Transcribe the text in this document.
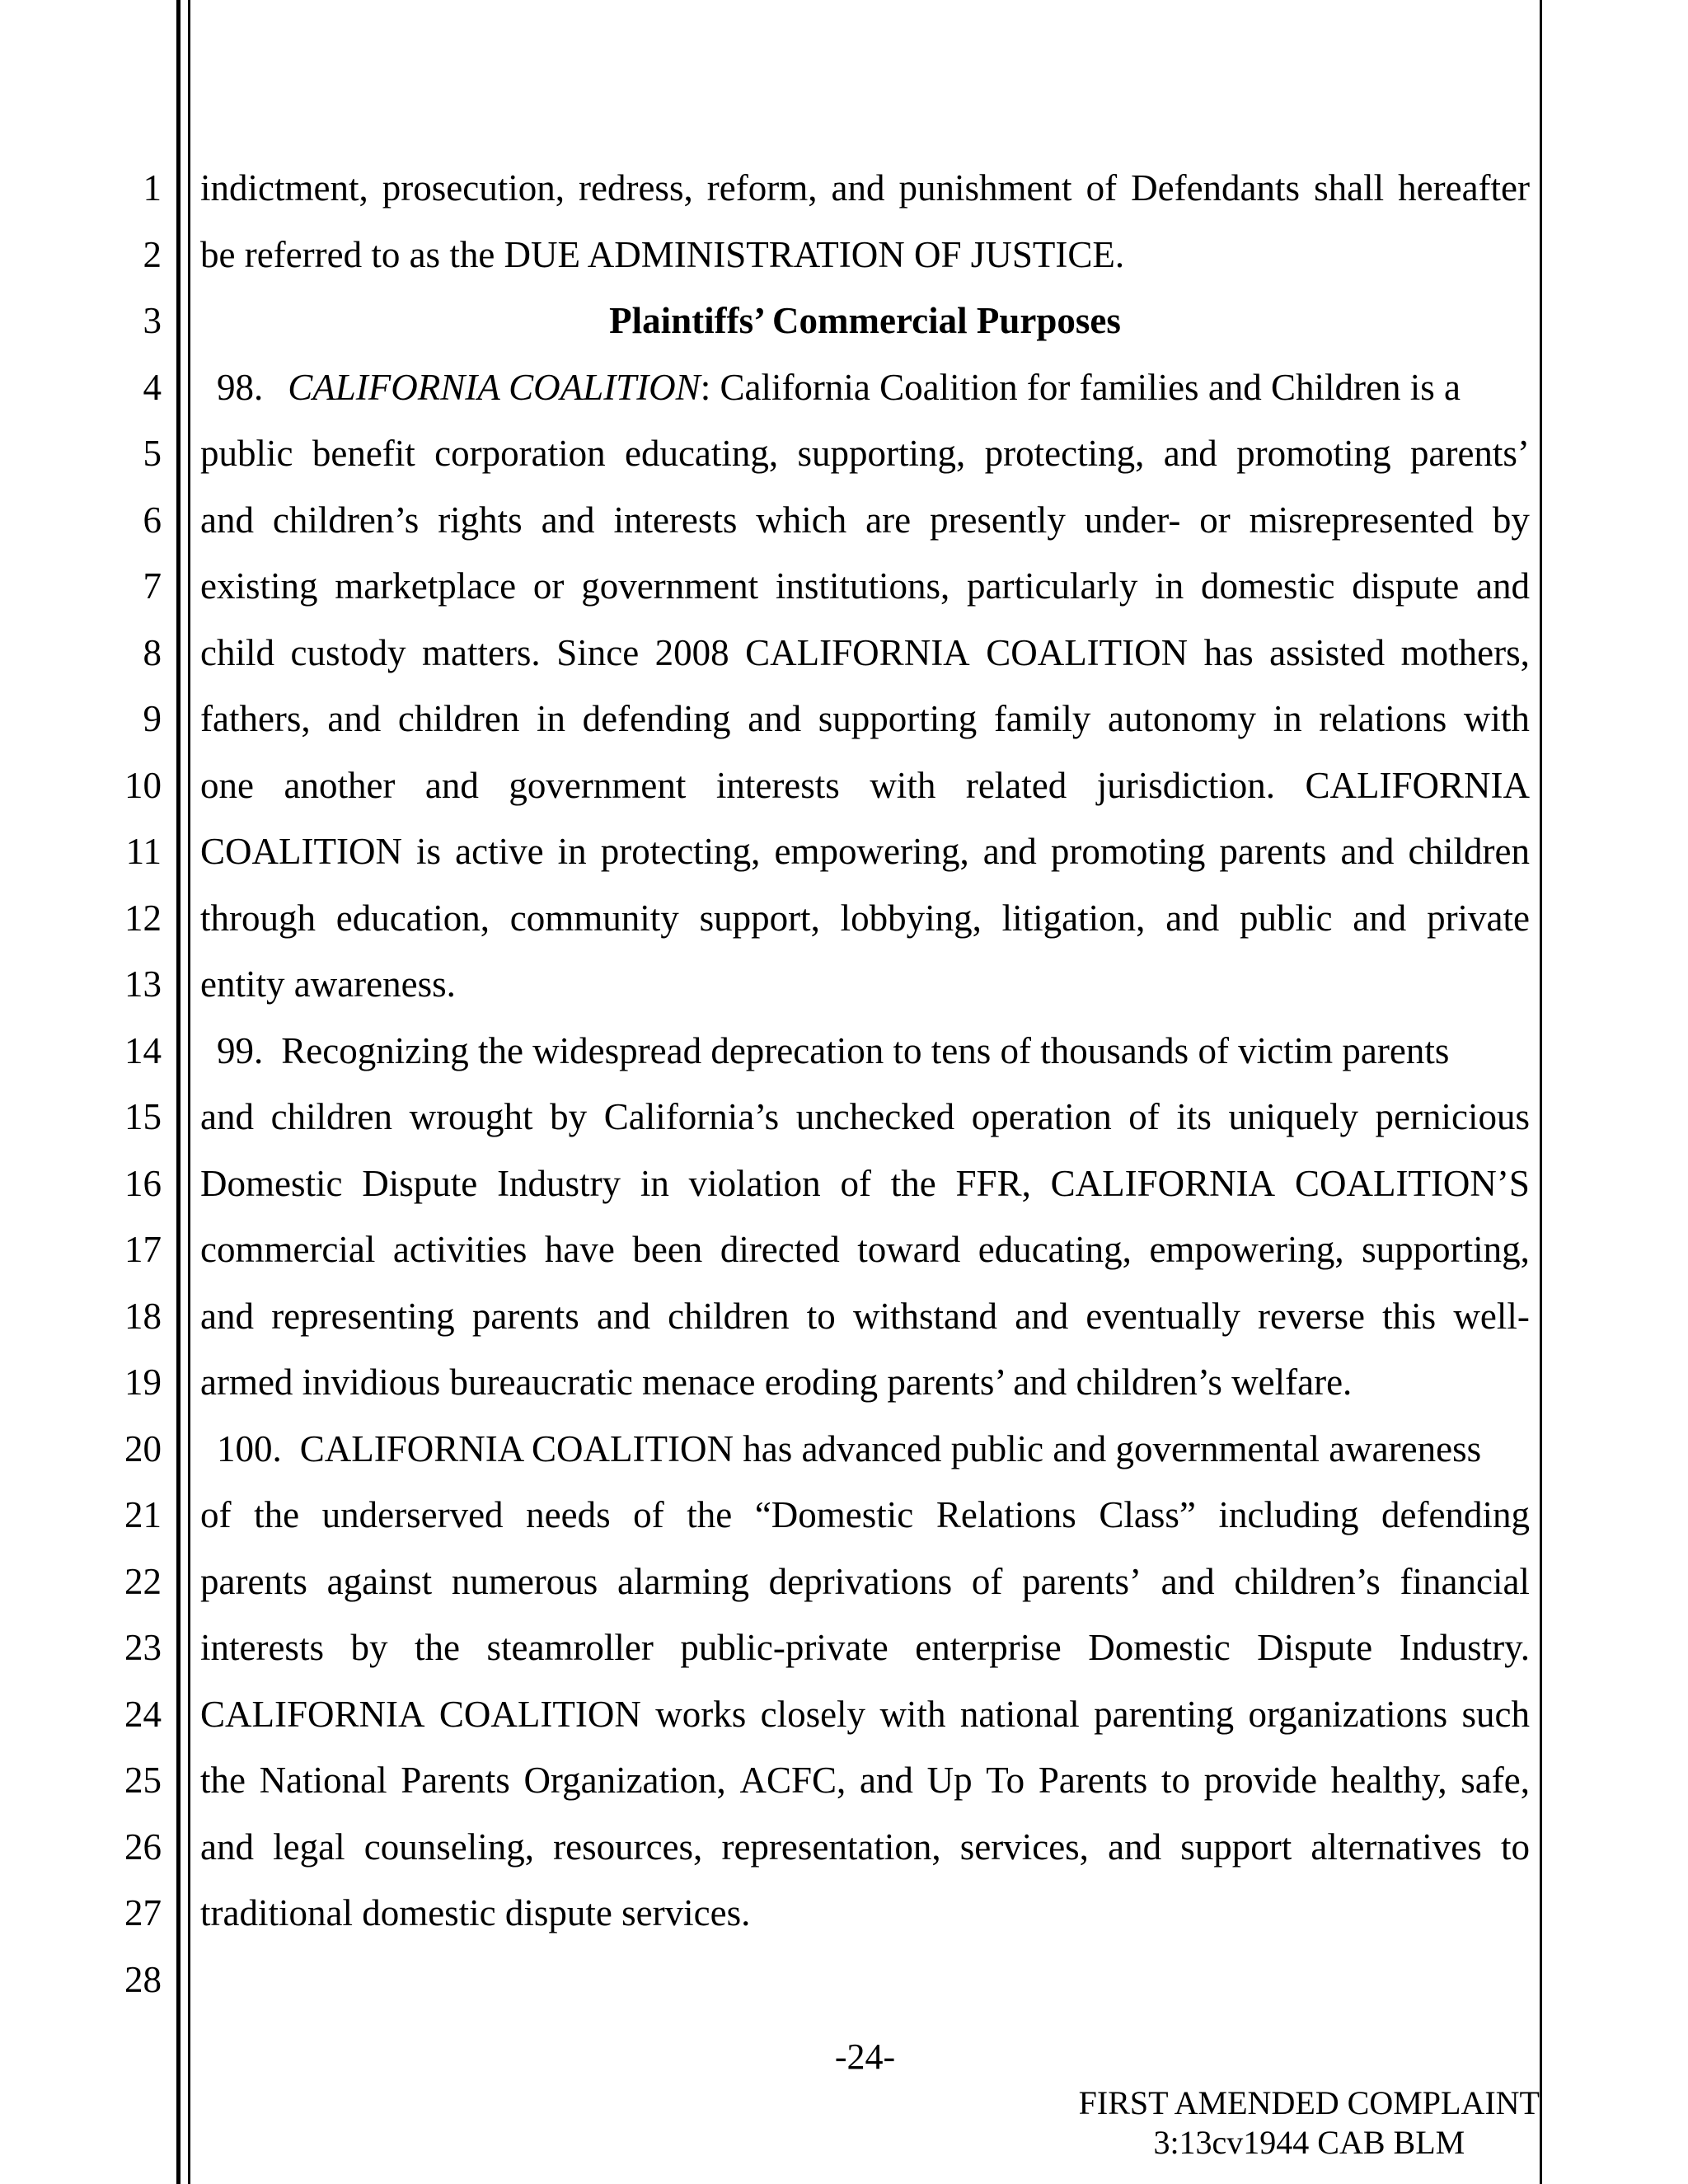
1 indictment, prosecution, redress, reform, and punishment of Defendants shall hereafter
2 be referred to as the DUE ADMINISTRATION OF JUSTICE.
3	Plaintiffs’ Commercial Purposes
4	98. CALIFORNIA COALITION: California Coalition for families and Children is a
5 public benefit corporation educating, supporting, protecting, and promoting parents’
6 and children’s rights and interests which are presently under- or misrepresented by
7 existing marketplace or government institutions, particularly in domestic dispute and
8 child custody matters. Since 2008 CALIFORNIA COALITION has assisted mothers,
9 fathers, and children in defending and supporting family autonomy in relations with
10 one another and government interests with related jurisdiction. CALIFORNIA
11 COALITION is active in protecting, empowering, and promoting parents and children
12 through education, community support, lobbying, litigation, and public and private
13 entity awareness.
14	99. Recognizing the widespread deprecation to tens of thousands of victim parents
15 and children wrought by California’s unchecked operation of its uniquely pernicious
16 Domestic Dispute Industry in violation of the FFR, CALIFORNIA COALITION’S
17 commercial activities have been directed toward educating, empowering, supporting,
18 and representing parents and children to withstand and eventually reverse this well-
19 armed invidious bureaucratic menace eroding parents’ and children’s welfare.
20	100. CALIFORNIA COALITION has advanced public and governmental awareness
21 of the underserved needs of the “Domestic Relations Class” including defending
22 parents against numerous alarming deprivations of parents’ and children’s financial
23 interests by the steamroller public-private enterprise Domestic Dispute Industry.
24 CALIFORNIA COALITION works closely with national parenting organizations such
25 the National Parents Organization, ACFC, and Up To Parents to provide healthy, safe,
26 and legal counseling, resources, representation, services, and support alternatives to
27 traditional domestic dispute services.
28
-24-
FIRST AMENDED COMPLAINT
3:13cv1944 CAB BLM
